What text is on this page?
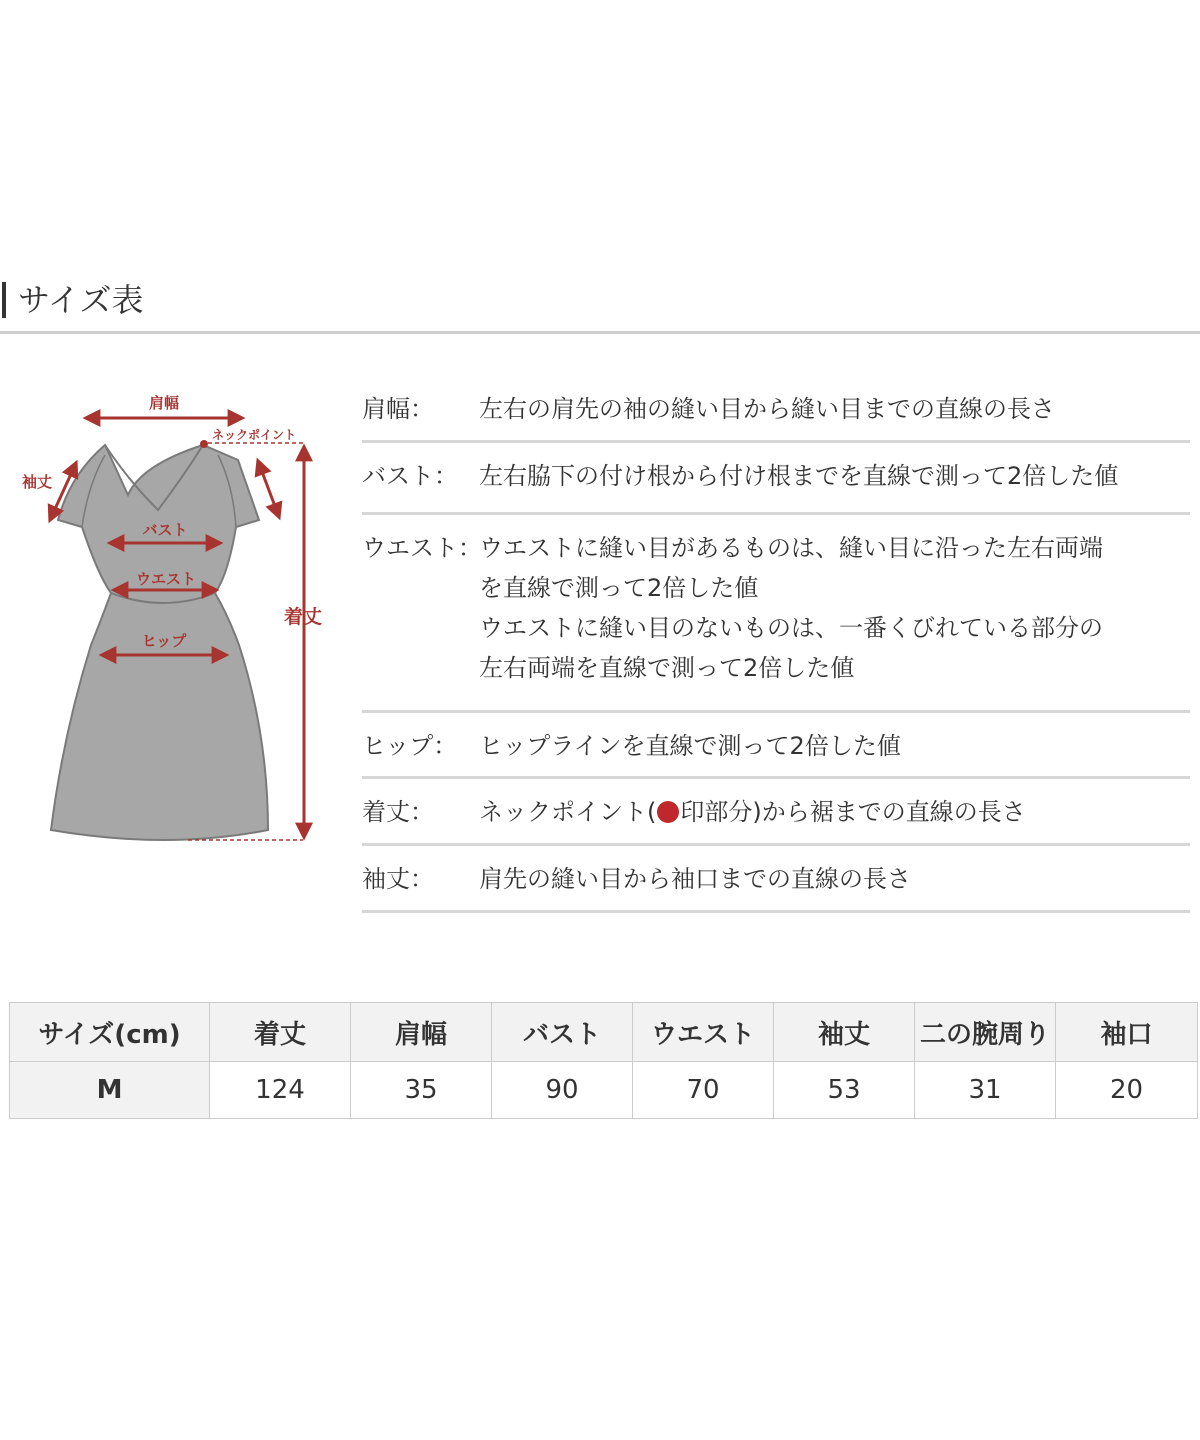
サイズ表
肩幅
ネックポイント
袖丈
バスト
ウエスト
ヒップ
着丈
肩幅： 左右の肩先の袖の縫い目から縫い目までの直線の長さ
バスト： 左右脇下の付け根から付け根までを直線で測って2倍した値
ウエスト：
ウエストに縫い目があるものは、縫い目に沿った左右両端
を直線で測って2倍した値
ウエストに縫い目のないものは、一番くびれている部分の
左右両端を直線で測って2倍した値
ヒップ： ヒップラインを直線で測って2倍した値
着丈： ネックポイント( 印部分)から裾までの直線の長さ
袖丈： 肩先の縫い目から袖口までの直線の長さ
サイズ(cm)	着丈	肩幅	バスト	ウエスト	袖丈	二の腕周り	袖口
M	124	35	90	70	53	31	20
